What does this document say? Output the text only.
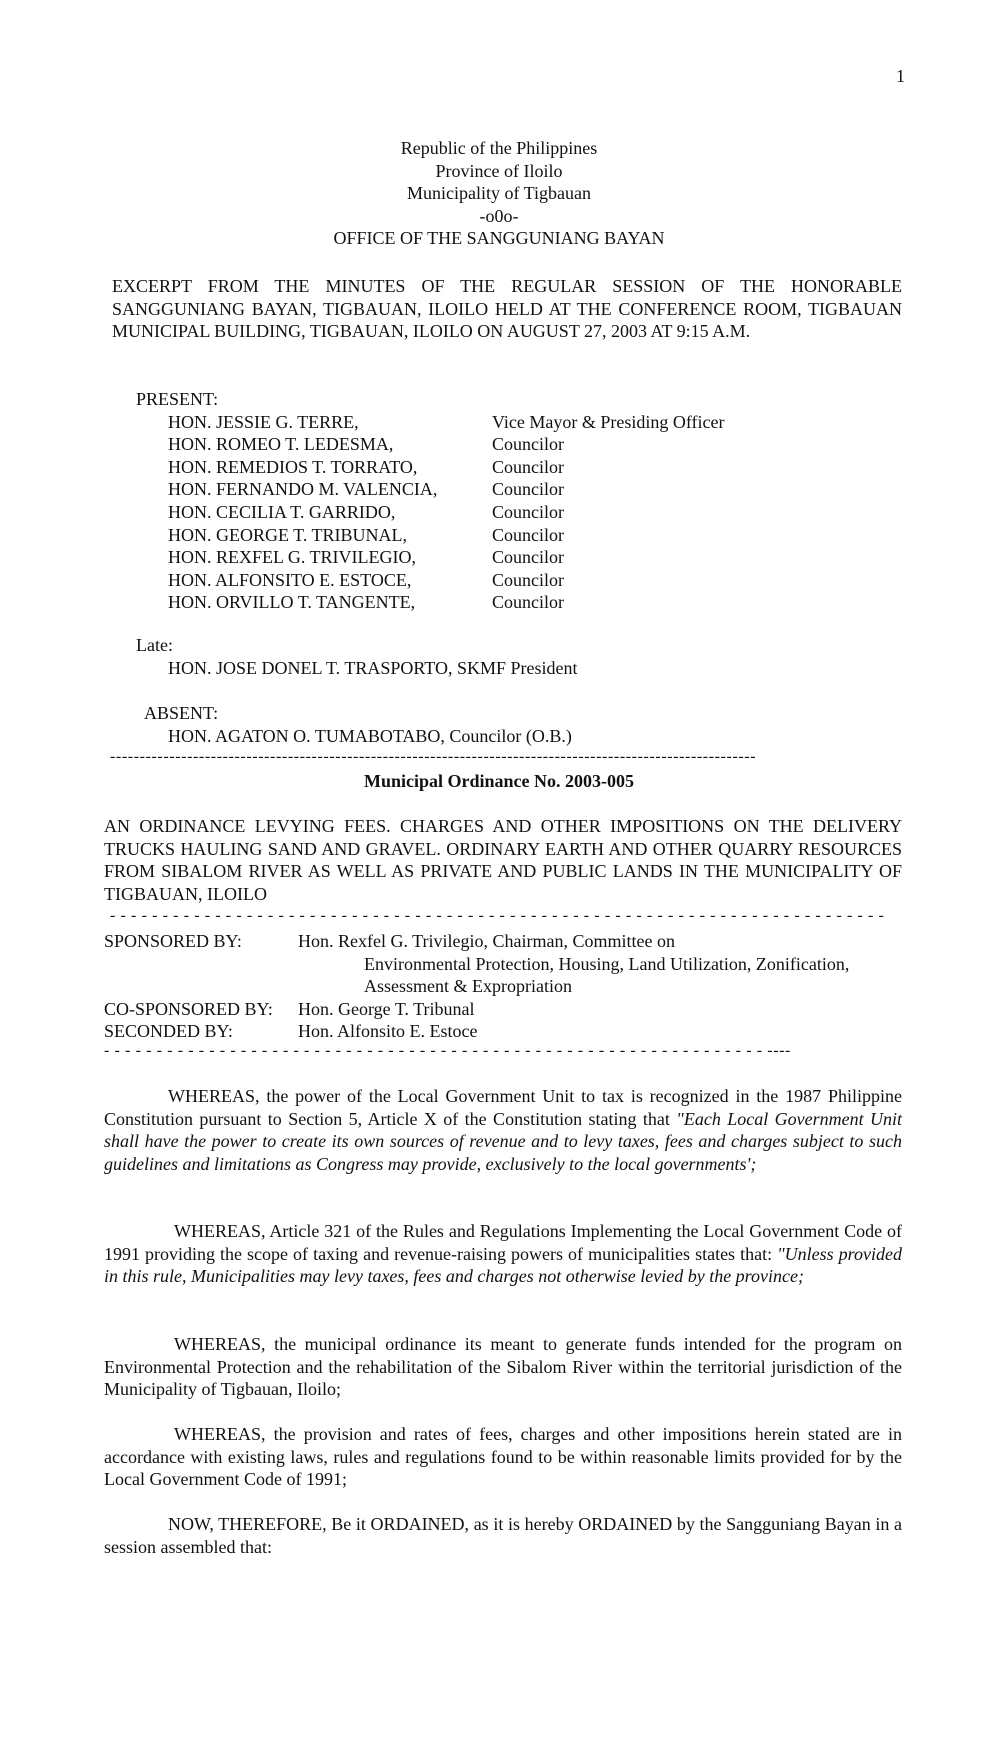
1
Republic of the Philippines
Province of Iloilo
Municipality of Tigbauan
-o0o-
OFFICE OF THE SANGGUNIANG BAYAN
EXCERPT FROM THE MINUTES OF THE REGULAR SESSION OF THE HONORABLE SANGGUNIANG BAYAN, TIGBAUAN, ILOILO HELD AT THE CONFERENCE ROOM, TIGBAUAN MUNICIPAL BUILDING, TIGBAUAN, ILOILO ON AUGUST 27, 2003 AT 9:15 A.M.
PRESENT:
HON. JESSIE G. TERRE,	Vice Mayor & Presiding Officer
HON. ROMEO T. LEDESMA,	Councilor
HON. REMEDIOS T. TORRATO,	Councilor
HON. FERNANDO M. VALENCIA,	Councilor
HON. CECILIA T. GARRIDO,	Councilor
HON. GEORGE T. TRIBUNAL,	Councilor
HON. REXFEL G. TRIVILEGIO,	Councilor
HON. ALFONSITO E. ESTOCE,	Councilor
HON. ORVILLO T. TANGENTE,	Councilor
Late:
HON. JOSE DONEL T. TRASPORTO, SKMF President
ABSENT:
HON. AGATON O. TUMABOTABO, Councilor (O.B.)
-------------------------------------------------------------------------------------------------------------
Municipal Ordinance No. 2003-005
AN ORDINANCE LEVYING FEES. CHARGES AND OTHER IMPOSITIONS ON THE DELIVERY TRUCKS HAULING SAND AND GRAVEL. ORDINARY EARTH AND OTHER QUARRY RESOURCES FROM SIBALOM RIVER AS WELL AS PRIVATE AND PUBLIC LANDS IN THE MUNICIPALITY OF TIGBAUAN, ILOILO
- - - - - - - - - - - - - - - - - - - - - - - - - - - - - - - - - - - - - - - - - - - - - - - - - - - - - - - - - - - - - - - - - - - - - - - - - -
SPONSORED BY:	Hon. Rexfel G. Trivilegio, Chairman, Committee on
Environmental Protection, Housing, Land Utilization, Zonification,
Assessment & Expropriation
CO-SPONSORED BY:	Hon. George T. Tribunal
SECONDED BY:	Hon. Alfonsito E. Estoce
- - - - - - - - - - - - - - - - - - - - - - - - - - - - - - - - - - - - - - - - - - - - - - - - - - - - - - - - - - - - - - - ----
WHEREAS, the power of the Local Government Unit to tax is recognized in the 1987 Philippine Constitution pursuant to Section 5, Article X of the Constitution stating that "Each Local Government Unit shall have the power to create its own sources of revenue and to levy taxes, fees and charges subject to such guidelines and limitations as Congress may provide, exclusively to the local governments';
WHEREAS, Article 321 of the Rules and Regulations Implementing the Local Government Code of 1991 providing the scope of taxing and revenue-raising powers of municipalities states that: "Unless provided in this rule, Municipalities may levy taxes, fees and charges not otherwise levied by the province;
WHEREAS, the municipal ordinance its meant to generate funds intended for the program on Environmental Protection and the rehabilitation of the Sibalom River within the territorial jurisdiction of the Municipality of Tigbauan, Iloilo;
WHEREAS, the provision and rates of fees, charges and other impositions herein stated are in accordance with existing laws, rules and regulations found to be within reasonable limits provided for by the Local Government Code of 1991;
NOW, THEREFORE, Be it ORDAINED, as it is hereby ORDAINED by the Sangguniang Bayan in a session assembled that:
